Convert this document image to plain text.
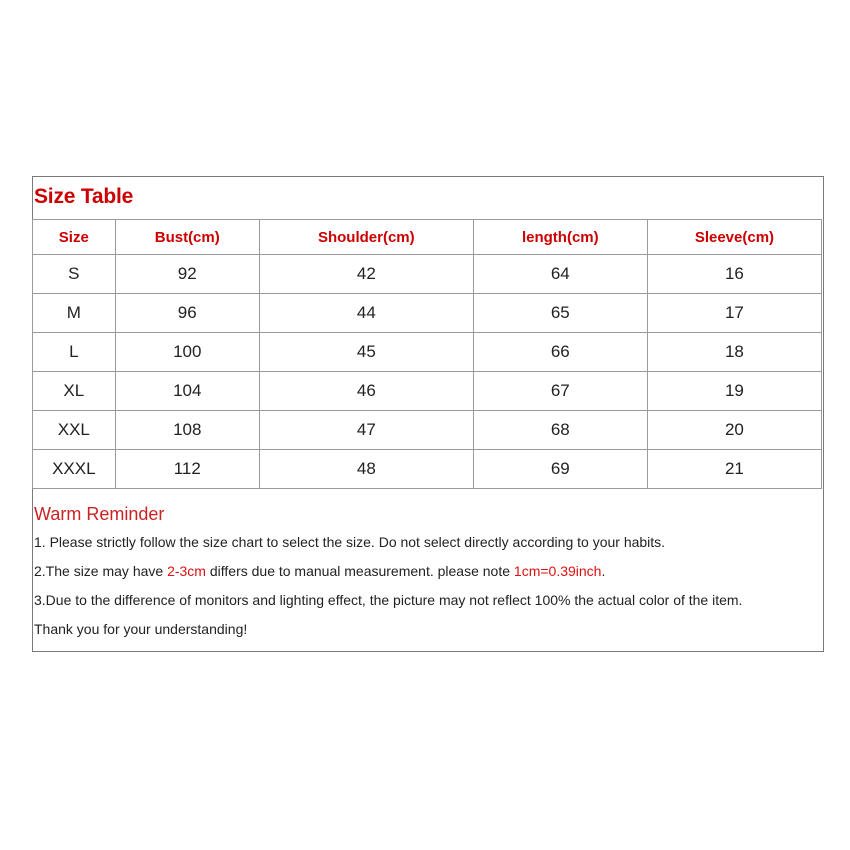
Size Table
Size	Bust(cm)	Shoulder(cm)	length(cm)	Sleeve(cm)
S	92	42	64	16
M	96	44	65	17
L	100	45	66	18
XL	104	46	67	19
XXL	108	47	68	20
XXXL	112	48	69	21
Warm Reminder
1. Please strictly follow the size chart to select the size. Do not select directly according to your habits.
2.The size may have 2-3cm differs due to manual measurement. please note 1cm=0.39inch.
3.Due to the difference of monitors and lighting effect, the picture may not reflect 100% the actual color of the item.
Thank you for your understanding!
